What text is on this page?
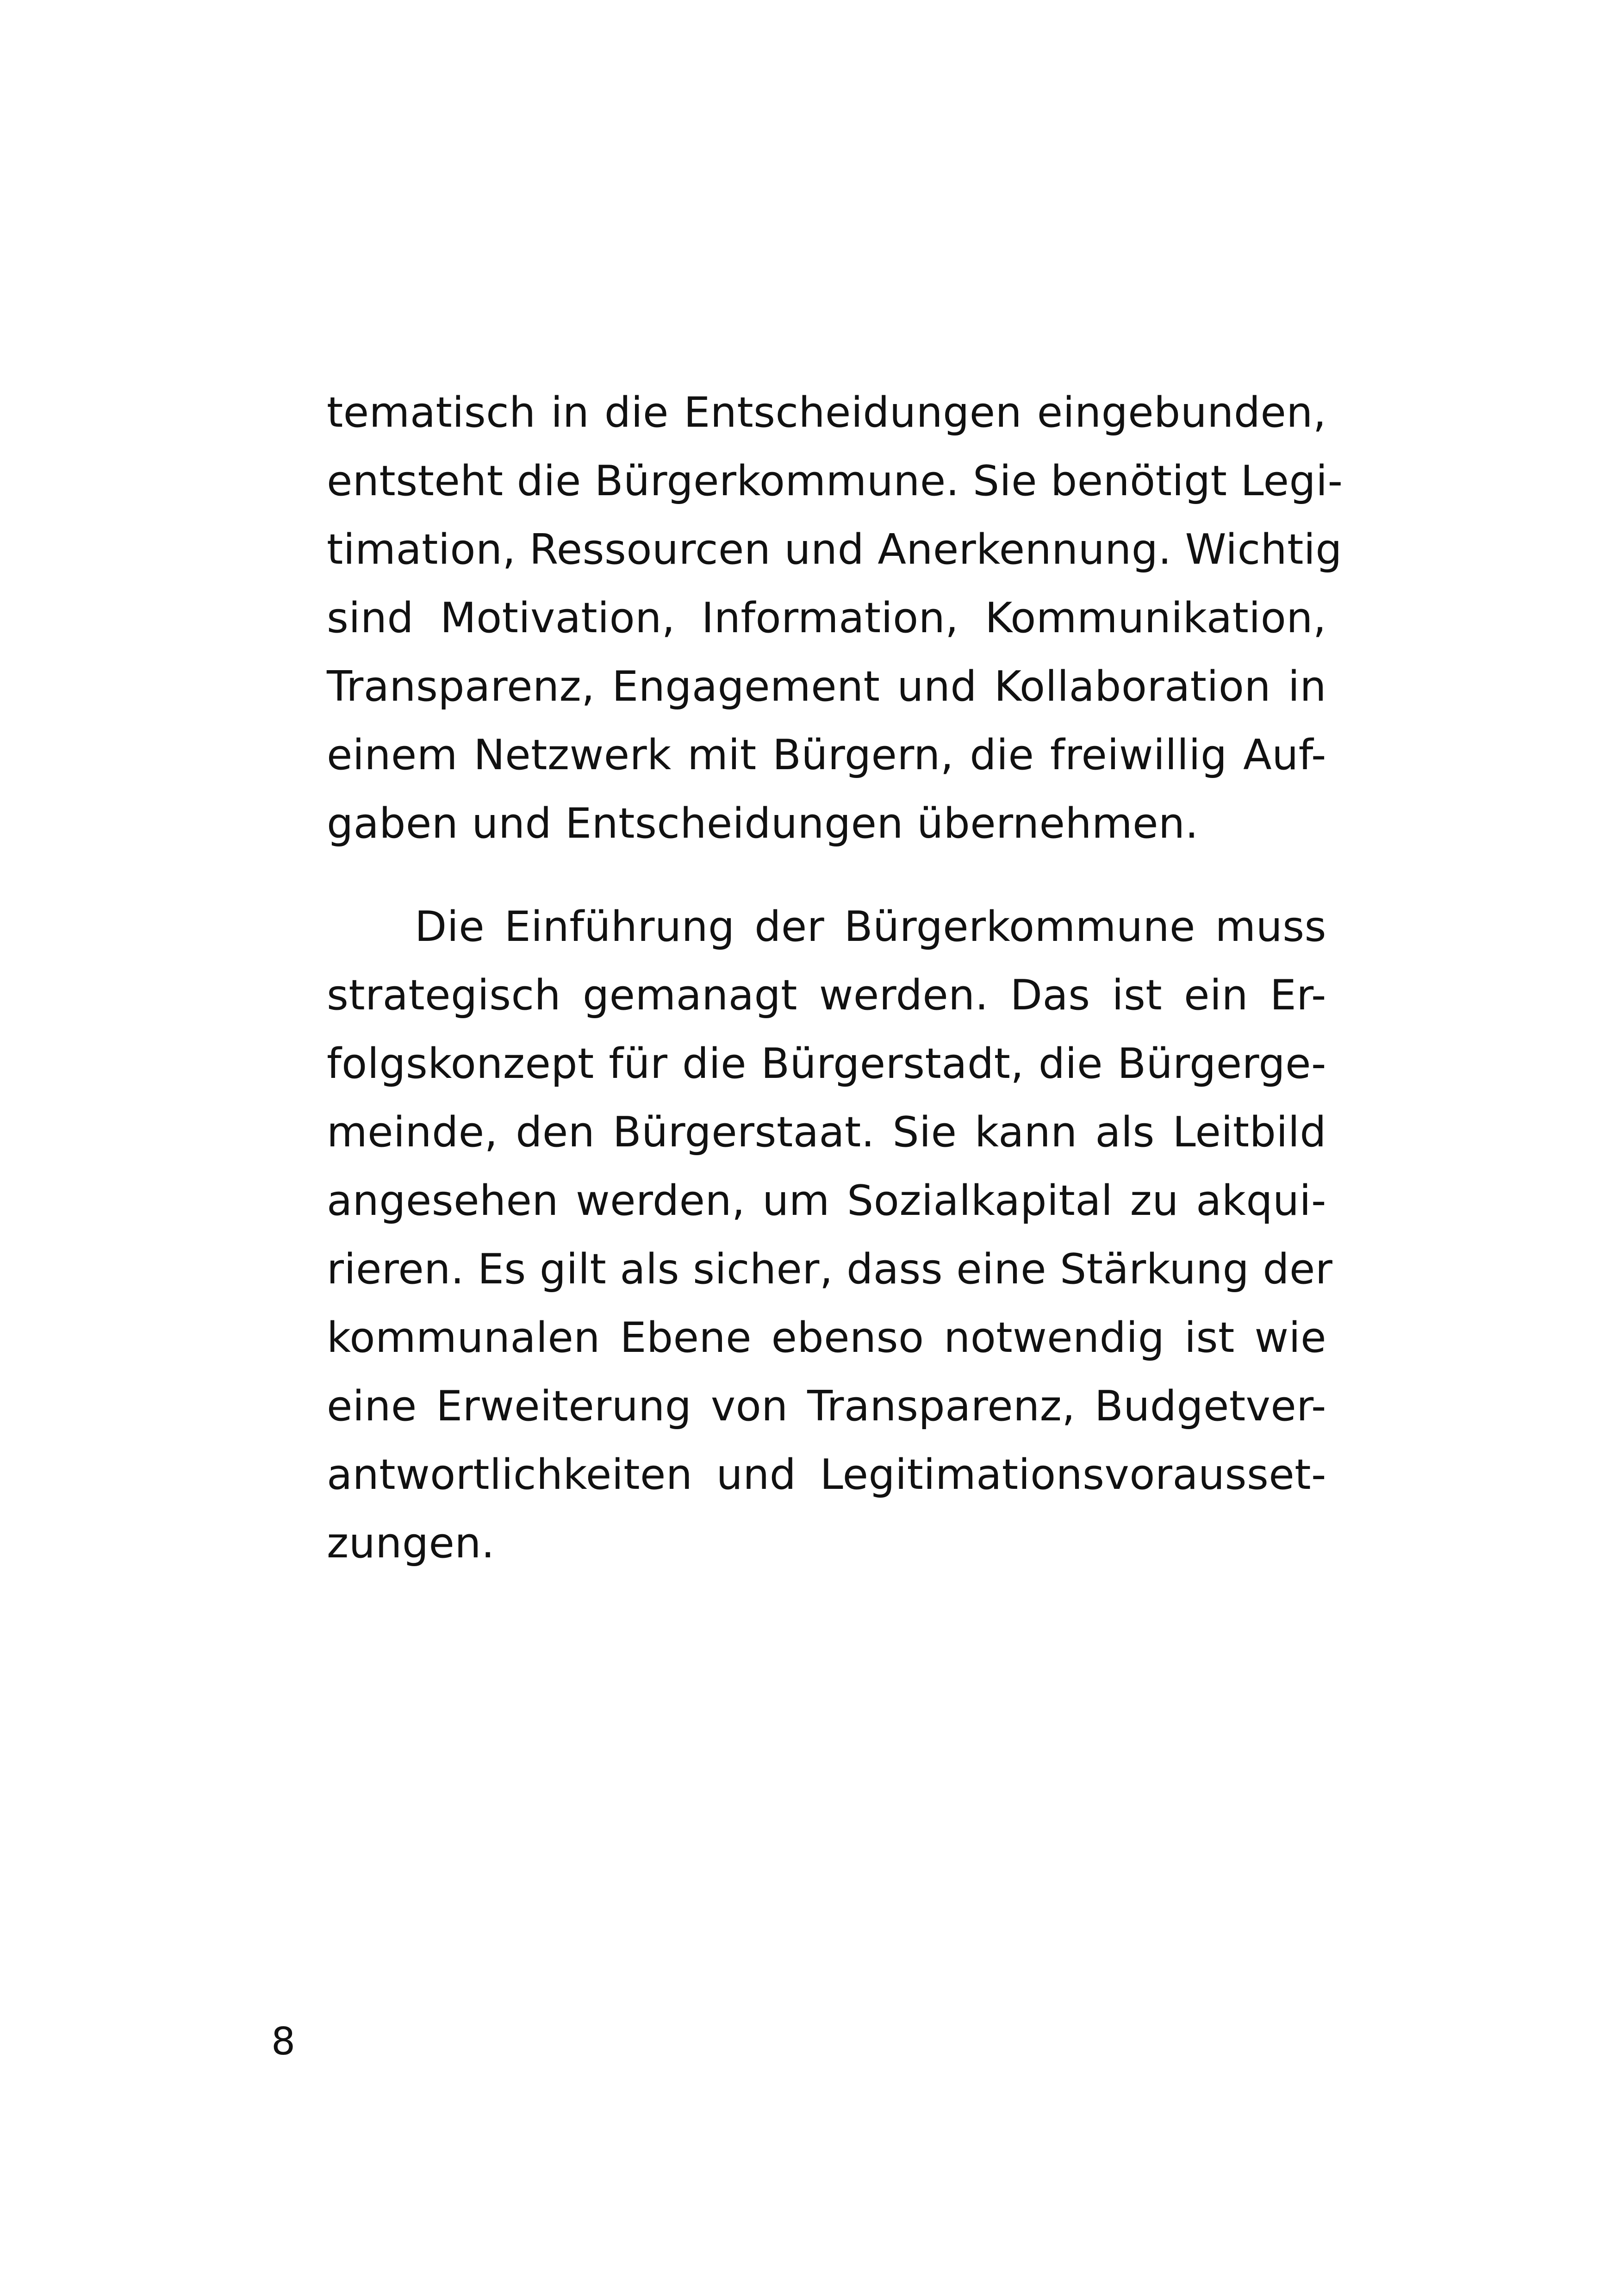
tematisch in die Entscheidungen eingebunden,
entsteht die Bürgerkommune. Sie benötigt Legi-
timation, Ressourcen und Anerkennung. Wichtig
sind Motivation, Information, Kommunikation,
Transparenz, Engagement und Kollaboration in
einem Netzwerk mit Bürgern, die freiwillig Auf-
gaben und Entscheidungen übernehmen.
Die Einführung der Bürgerkommune muss
strategisch gemanagt werden. Das ist ein Er-
folgskonzept für die Bürgerstadt, die Bürgerge-
meinde, den Bürgerstaat. Sie kann als Leitbild
angesehen werden, um Sozialkapital zu akqui-
rieren. Es gilt als sicher, dass eine Stärkung der
kommunalen Ebene ebenso notwendig ist wie
eine Erweiterung von Transparenz, Budgetver-
antwortlichkeiten und Legitimationsvorausset-
zungen.
8
